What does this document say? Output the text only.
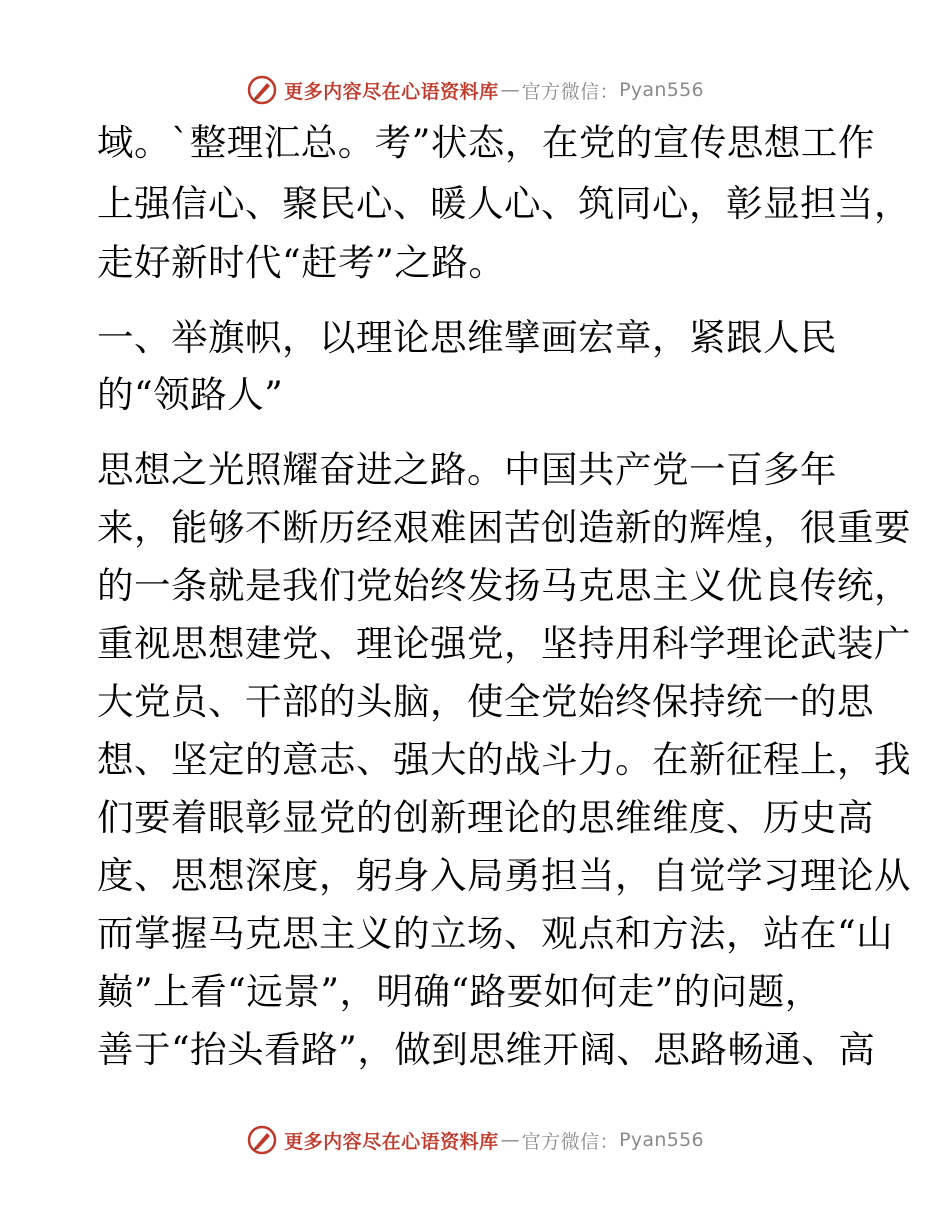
更多内容尽在心语资料库 — 官方微信： Pyan556
域。`整理汇总。考”状态，在党的宣传思想工作
上强信心、聚民心、暖人心、筑同心，彰显担当，
走好新时代“赶考”之路。
一、举旗帜，以理论思维擘画宏章，紧跟人民
的“领路人”
思想之光照耀奋进之路。中国共产党一百多年
来，能够不断历经艰难困苦创造新的辉煌，很重要
的一条就是我们党始终发扬马克思主义优良传统，
重视思想建党、理论强党，坚持用科学理论武装广
大党员、干部的头脑，使全党始终保持统一的思
想、坚定的意志、强大的战斗力。在新征程上，我
们要着眼彰显党的创新理论的思维维度、历史高
度、思想深度，躬身入局勇担当，自觉学习理论从
而掌握马克思主义的立场、观点和方法，站在“山
巅”上看“远景”，明确“路要如何走”的问题，
善于“抬头看路”，做到思维开阔、思路畅通、高
更多内容尽在心语资料库 — 官方微信： Pyan556
